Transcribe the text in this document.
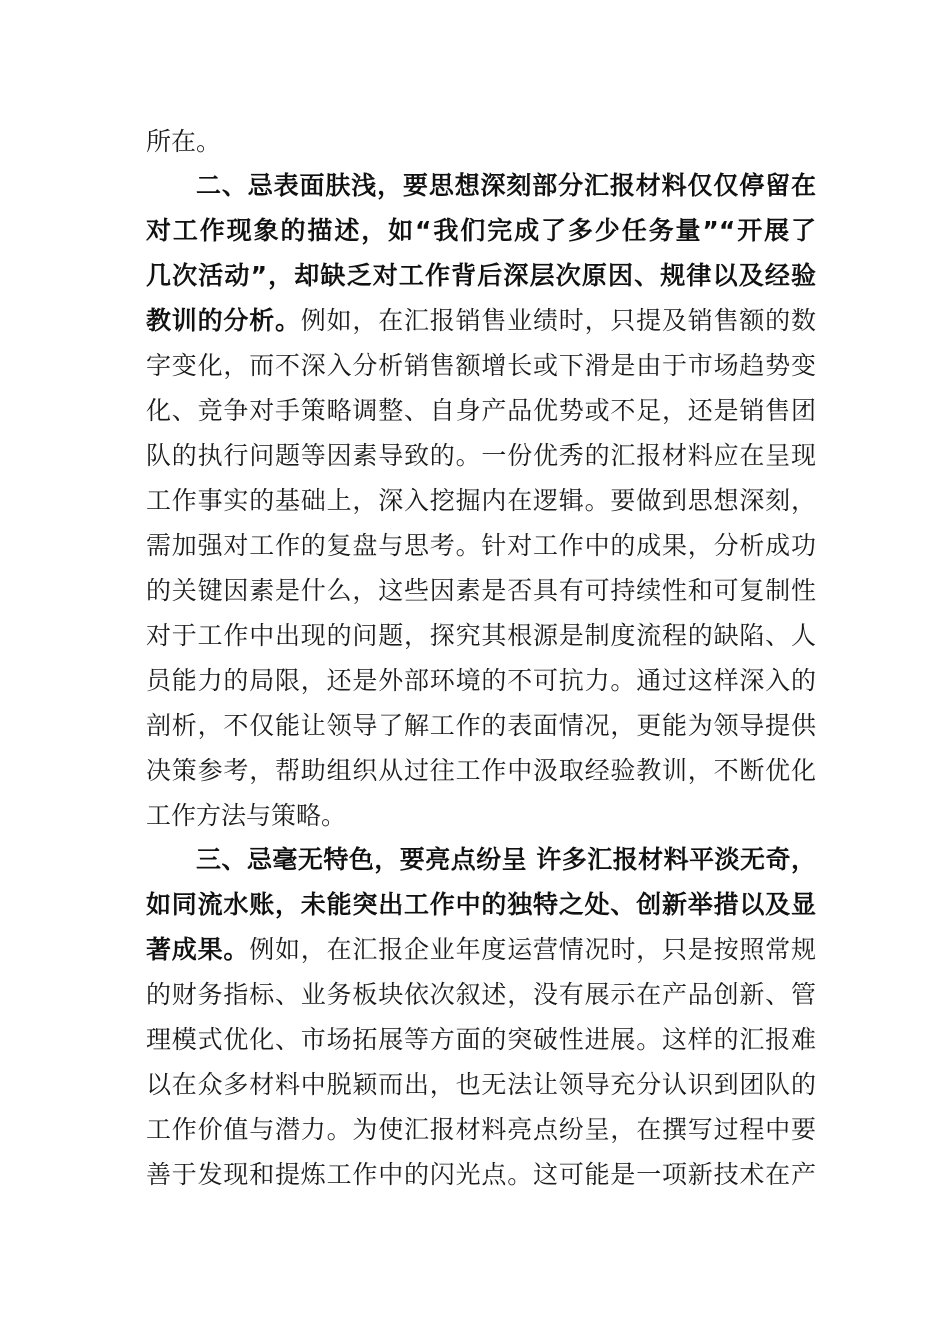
所在。
二、忌表面肤浅，要思想深刻部分汇报材料仅仅停留在
对工作现象的描述，如“我们完成了多少任务量”“开展了
几次活动”，却缺乏对工作背后深层次原因、规律以及经验
教训的分析。例如，在汇报销售业绩时，只提及销售额的数
字变化，而不深入分析销售额增长或下滑是由于市场趋势变
化、竞争对手策略调整、自身产品优势或不足，还是销售团
队的执行问题等因素导致的。一份优秀的汇报材料应在呈现
工作事实的基础上，深入挖掘内在逻辑。要做到思想深刻，
需加强对工作的复盘与思考。针对工作中的成果，分析成功
的关键因素是什么，这些因素是否具有可持续性和可复制性
对于工作中出现的问题，探究其根源是制度流程的缺陷、人
员能力的局限，还是外部环境的不可抗力。通过这样深入的
剖析，不仅能让领导了解工作的表面情况，更能为领导提供
决策参考，帮助组织从过往工作中汲取经验教训，不断优化
工作方法与策略。
三、忌毫无特色，要亮点纷呈 许多汇报材料平淡无奇，
如同流水账，未能突出工作中的独特之处、创新举措以及显
著成果。例如，在汇报企业年度运营情况时，只是按照常规
的财务指标、业务板块依次叙述，没有展示在产品创新、管
理模式优化、市场拓展等方面的突破性进展。这样的汇报难
以在众多材料中脱颖而出，也无法让领导充分认识到团队的
工作价值与潜力。为使汇报材料亮点纷呈，在撰写过程中要
善于发现和提炼工作中的闪光点。这可能是一项新技术在产
